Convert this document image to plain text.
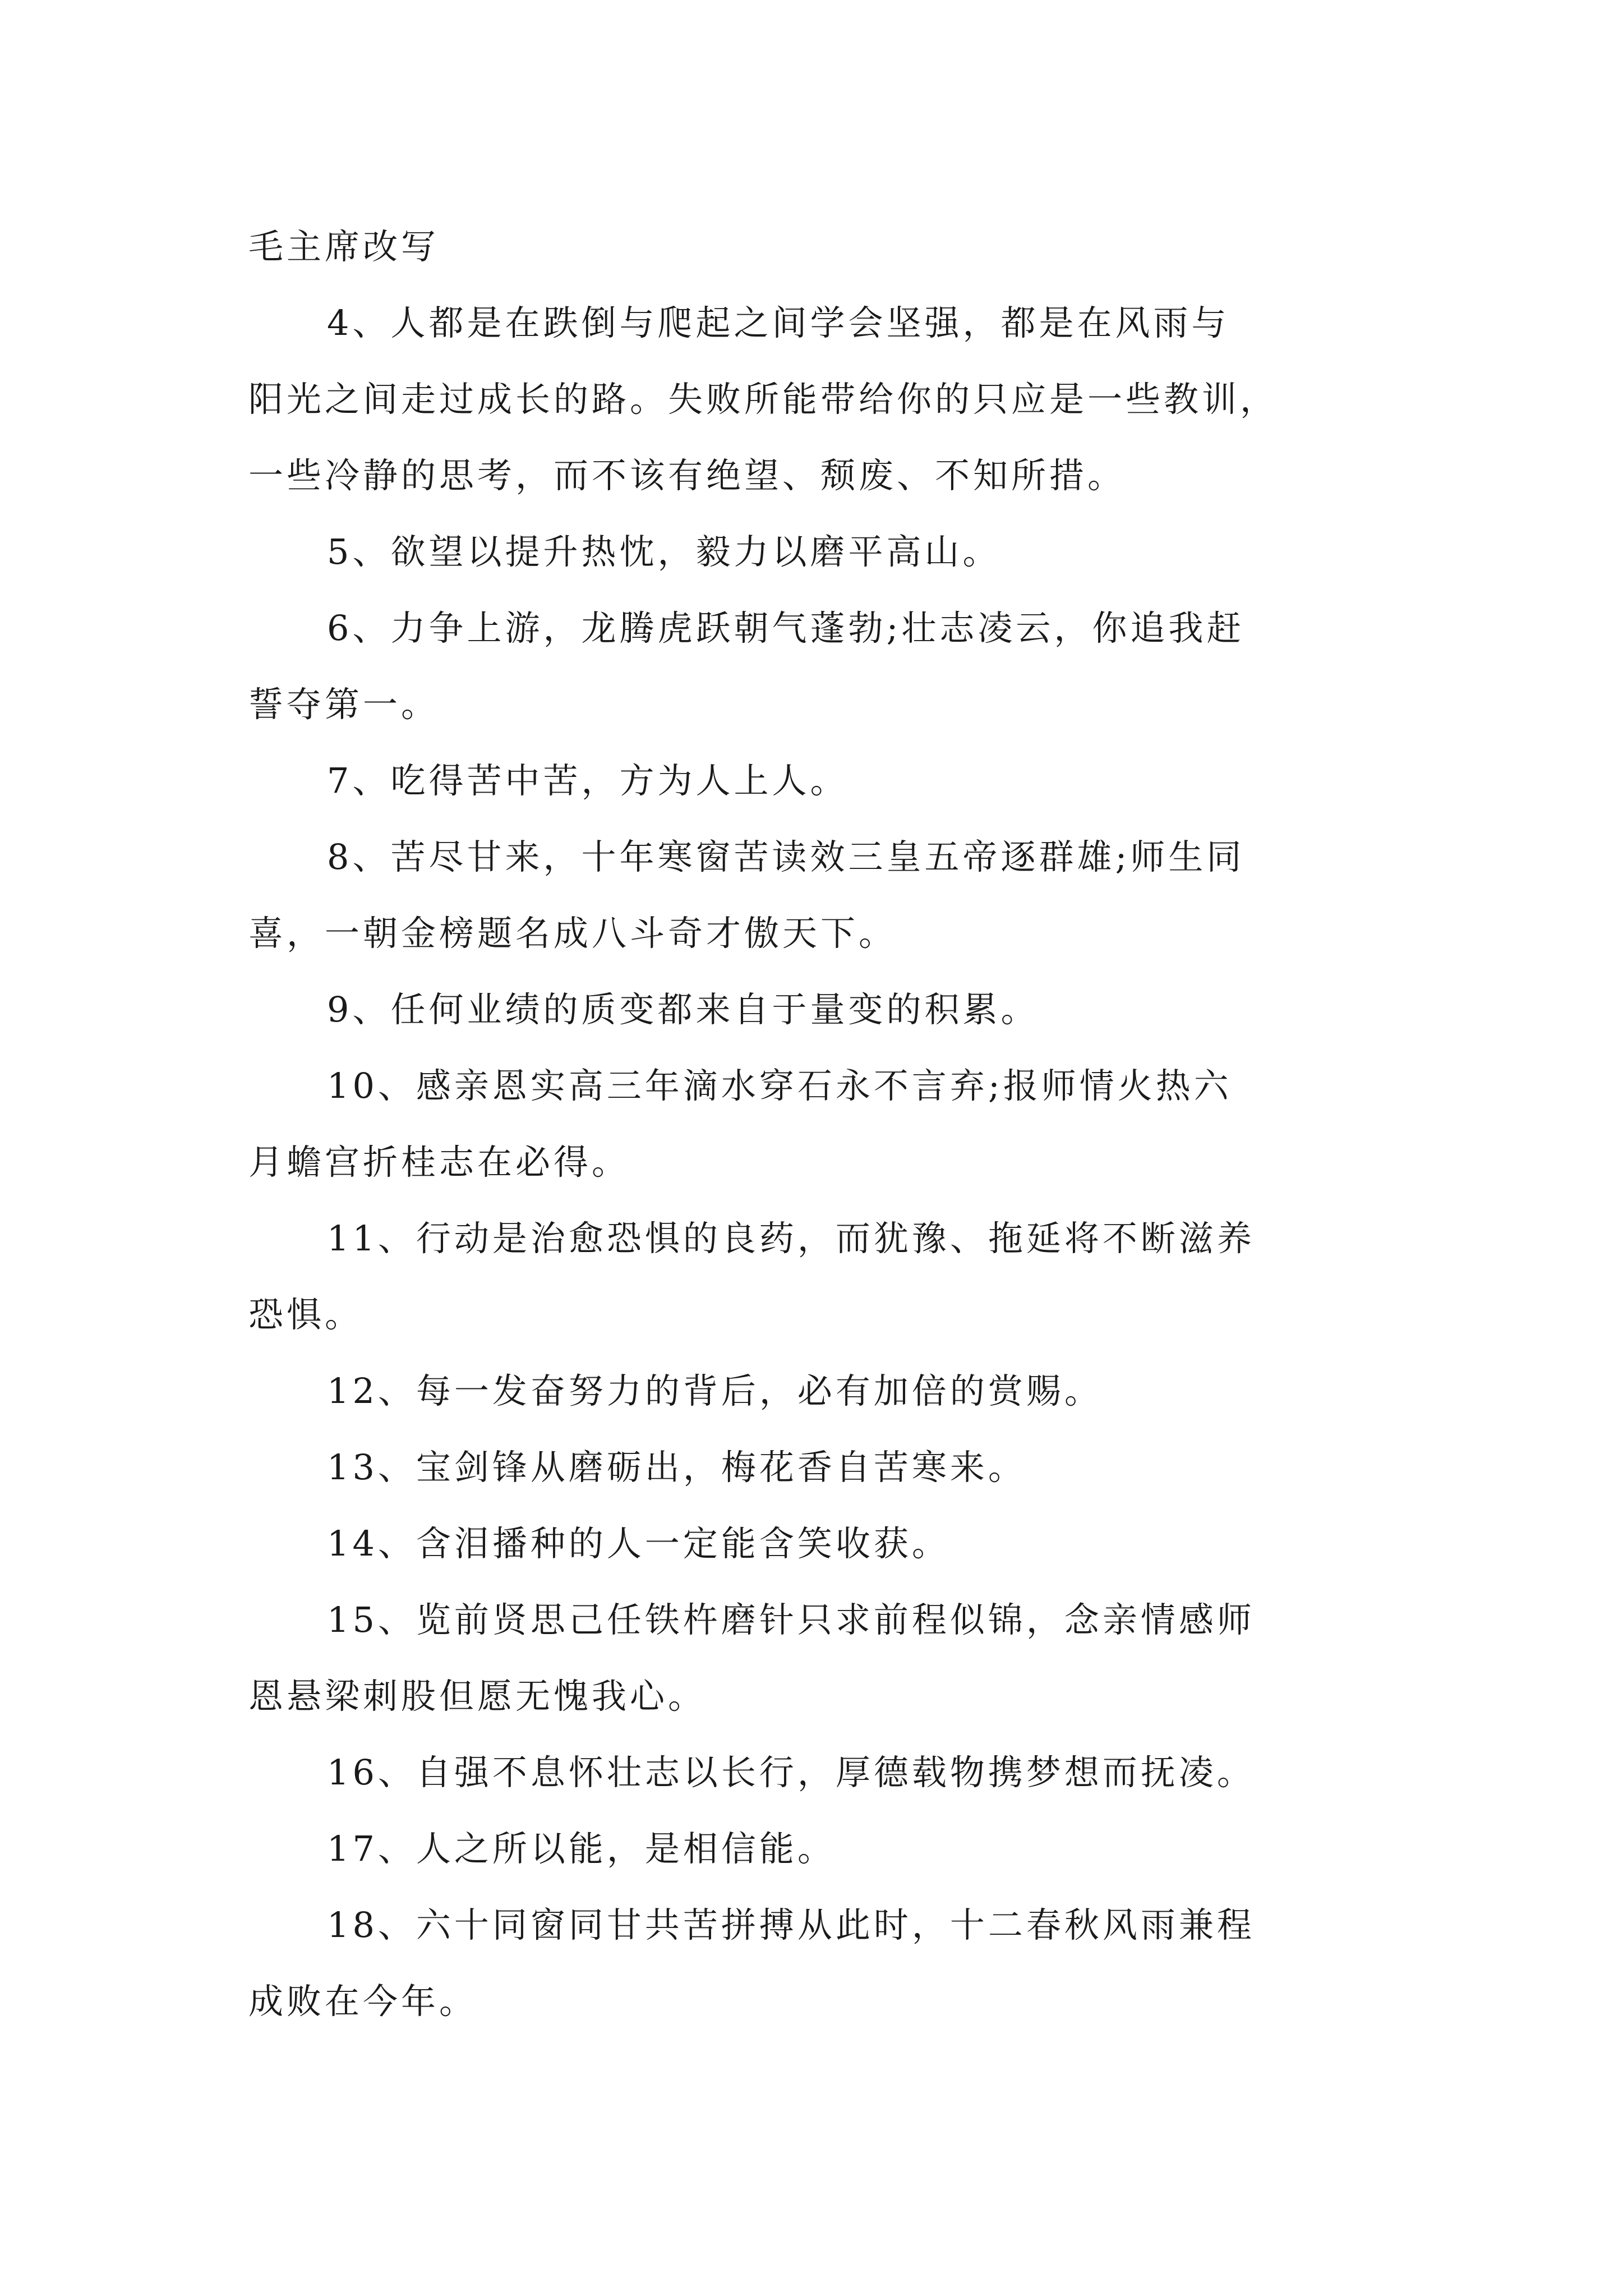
毛主席改写
4、人都是在跌倒与爬起之间学会坚强，都是在风雨与
阳光之间走过成长的路。失败所能带给你的只应是一些教训，
一些冷静的思考，而不该有绝望、颓废、不知所措。
5、欲望以提升热忱，毅力以磨平高山。
6、力争上游，龙腾虎跃朝气蓬勃;壮志凌云，你追我赶
誓夺第一。
7、吃得苦中苦，方为人上人。
8、苦尽甘来，十年寒窗苦读效三皇五帝逐群雄;师生同
喜，一朝金榜题名成八斗奇才傲天下。
9、任何业绩的质变都来自于量变的积累。
10、感亲恩实高三年滴水穿石永不言弃;报师情火热六
月蟾宫折桂志在必得。
11、行动是治愈恐惧的良药，而犹豫、拖延将不断滋养
恐惧。
12、每一发奋努力的背后，必有加倍的赏赐。
13、宝剑锋从磨砺出，梅花香自苦寒来。
14、含泪播种的人一定能含笑收获。
15、览前贤思己任铁杵磨针只求前程似锦，念亲情感师
恩悬梁刺股但愿无愧我心。
16、自强不息怀壮志以长行，厚德载物携梦想而抚凌。
17、人之所以能，是相信能。
18、六十同窗同甘共苦拼搏从此时，十二春秋风雨兼程
成败在今年。
